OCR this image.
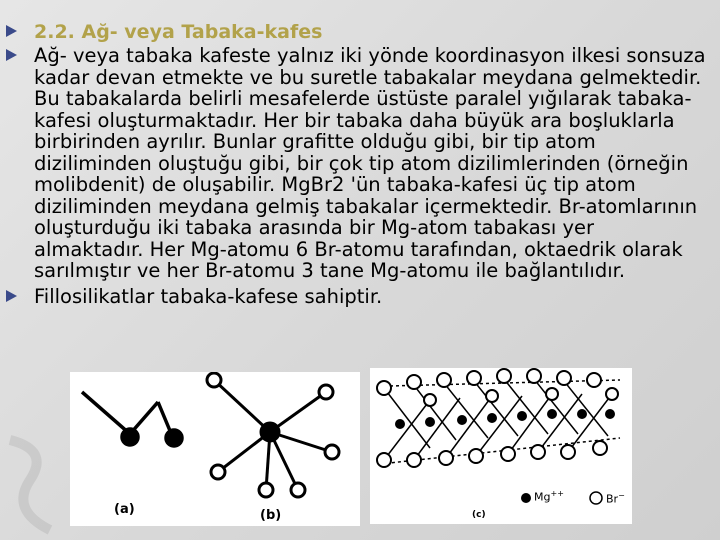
2.2. Ağ- veya Tabaka-kafes
Ağ- veya tabaka kafeste yalnız iki yönde koordinasyon ilkesi sonsuza kadar devan etmekte ve bu suretle tabakalar meydana gelmektedir. Bu tabakalarda belirli mesafelerde üstüste paralel yığılarak tabaka-kafesi oluşturmaktadır. Her bir tabaka daha büyük ara boşluklarla birbirinden ayrılır. Bunlar grafitte olduğu gibi, bir tip atom diziliminden oluştuğu gibi, bir çok tip atom dizilimlerinden (örneğin molibdenit) de oluşabilir. MgBr2 'ün tabaka-kafesi üç tip atom diziliminden meydana gelmiş tabakalar içermektedir. Br-atomlarının oluşturduğu iki tabaka arasında bir Mg-atom tabakası yer almaktadır. Her Mg-atomu 6 Br-atomu tarafından, oktaedrik olarak sarılmıştır ve her Br-atomu 3 tane Mg-atomu ile bağlantılıdır.
Fillosilikatlar tabaka-kafese sahiptir.
(a)	(b)
Mg++	Br−
(c)
